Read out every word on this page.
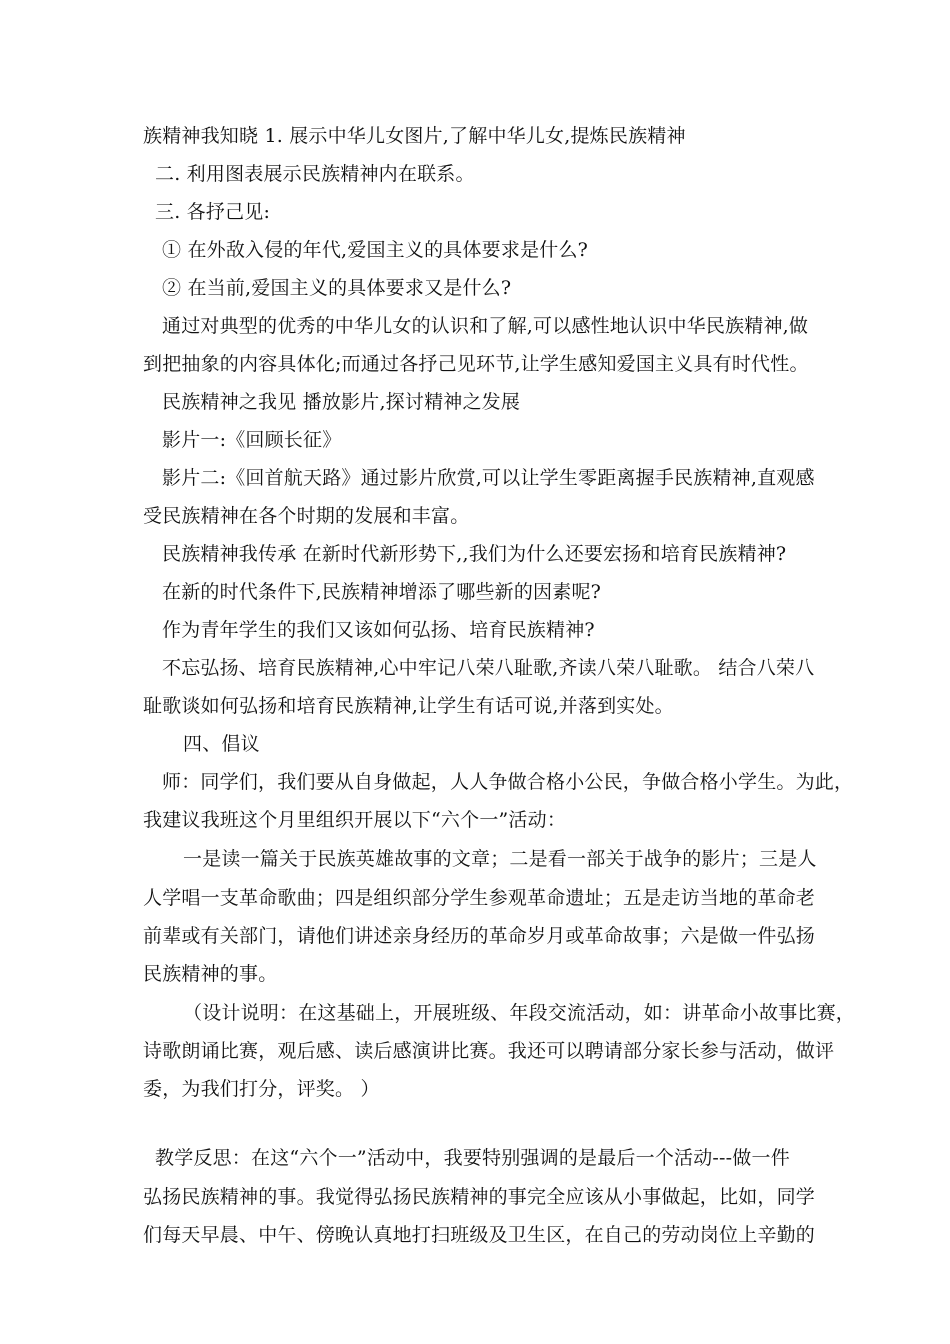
族精神我知晓 1. 展示中华儿女图片,了解中华儿女,提炼民族精神
二. 利用图表展示民族精神内在联系。
三. 各抒己见:
① 在外敌入侵的年代,爱国主义的具体要求是什么?
② 在当前,爱国主义的具体要求又是什么?
通过对典型的优秀的中华儿女的认识和了解,可以感性地认识中华民族精神,做
到把抽象的内容具体化;而通过各抒己见环节,让学生感知爱国主义具有时代性。
民族精神之我见 播放影片,探讨精神之发展
影片一:《回顾长征》
影片二:《回首航天路》通过影片欣赏,可以让学生零距离握手民族精神,直观感
受民族精神在各个时期的发展和丰富。
民族精神我传承 在新时代新形势下,,我们为什么还要宏扬和培育民族精神?
在新的时代条件下,民族精神增添了哪些新的因素呢?
作为青年学生的我们又该如何弘扬、培育民族精神?
不忘弘扬、培育民族精神,心中牢记八荣八耻歌,齐读八荣八耻歌。 结合八荣八
耻歌谈如何弘扬和培育民族精神,让学生有话可说,并落到实处。
四、倡议
师：同学们，我们要从自身做起，人人争做合格小公民，争做合格小学生。为此，
我建议我班这个月里组织开展以下“六个一”活动：
一是读一篇关于民族英雄故事的文章；二是看一部关于战争的影片；三是人
人学唱一支革命歌曲；四是组织部分学生参观革命遗址；五是走访当地的革命老
前辈或有关部门，请他们讲述亲身经历的革命岁月或革命故事；六是做一件弘扬
民族精神的事。
（设计说明：在这基础上，开展班级、年段交流活动，如：讲革命小故事比赛，
诗歌朗诵比赛，观后感、读后感演讲比赛。我还可以聘请部分家长参与活动，做评
委，为我们打分，评奖。 ）
教学反思：在这“六个一”活动中，我要特别强调的是最后一个活动---做一件
弘扬民族精神的事。我觉得弘扬民族精神的事完全应该从小事做起，比如，同学
们每天早晨、中午、傍晚认真地打扫班级及卫生区，在自己的劳动岗位上辛勤的
